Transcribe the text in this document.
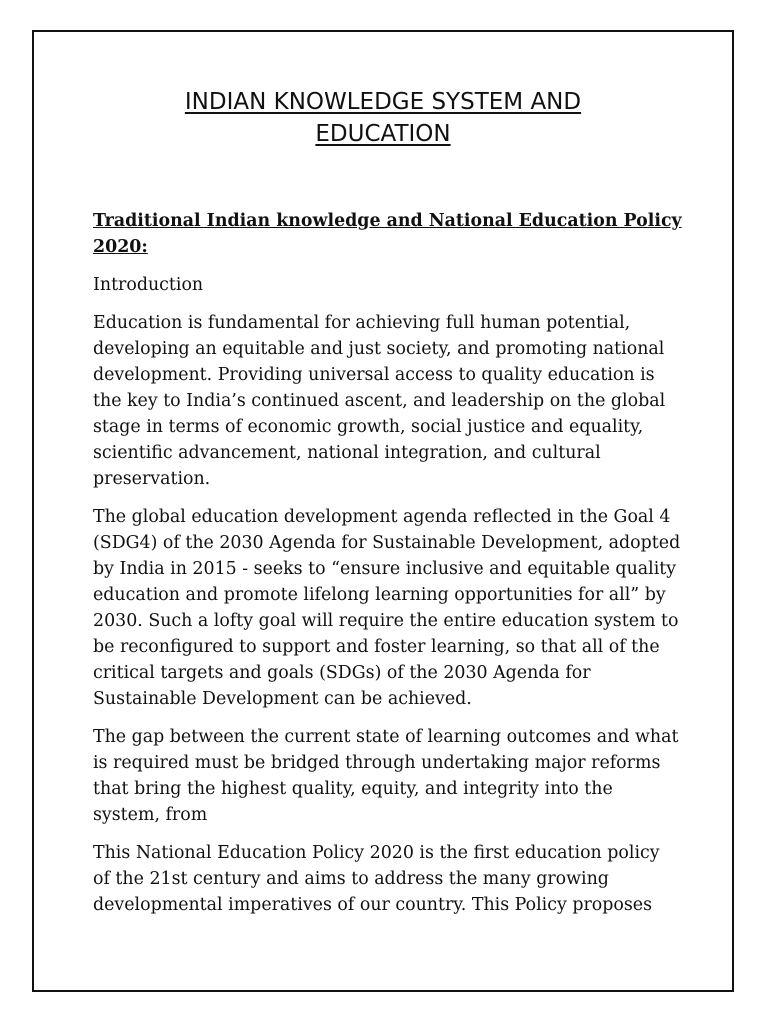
INDIAN KNOWLEDGE SYSTEM AND
EDUCATION
Traditional Indian knowledge and National Education Policy
2020:

Introduction

Education is fundamental for achieving full human potential,
developing an equitable and just society, and promoting national
development. Providing universal access to quality education is
the key to India’s continued ascent, and leadership on the global
stage in terms of economic growth, social justice and equality,
scientific advancement, national integration, and cultural
preservation.

The global education development agenda reflected in the Goal 4
(SDG4) of the 2030 Agenda for Sustainable Development, adopted
by India in 2015 - seeks to “ensure inclusive and equitable quality
education and promote lifelong learning opportunities for all” by
2030. Such a lofty goal will require the entire education system to
be reconfigured to support and foster learning, so that all of the
critical targets and goals (SDGs) of the 2030 Agenda for
Sustainable Development can be achieved.

The gap between the current state of learning outcomes and what
is required must be bridged through undertaking major reforms
that bring the highest quality, equity, and integrity into the
system, from

This National Education Policy 2020 is the first education policy
of the 21st century and aims to address the many growing
developmental imperatives of our country. This Policy proposes
